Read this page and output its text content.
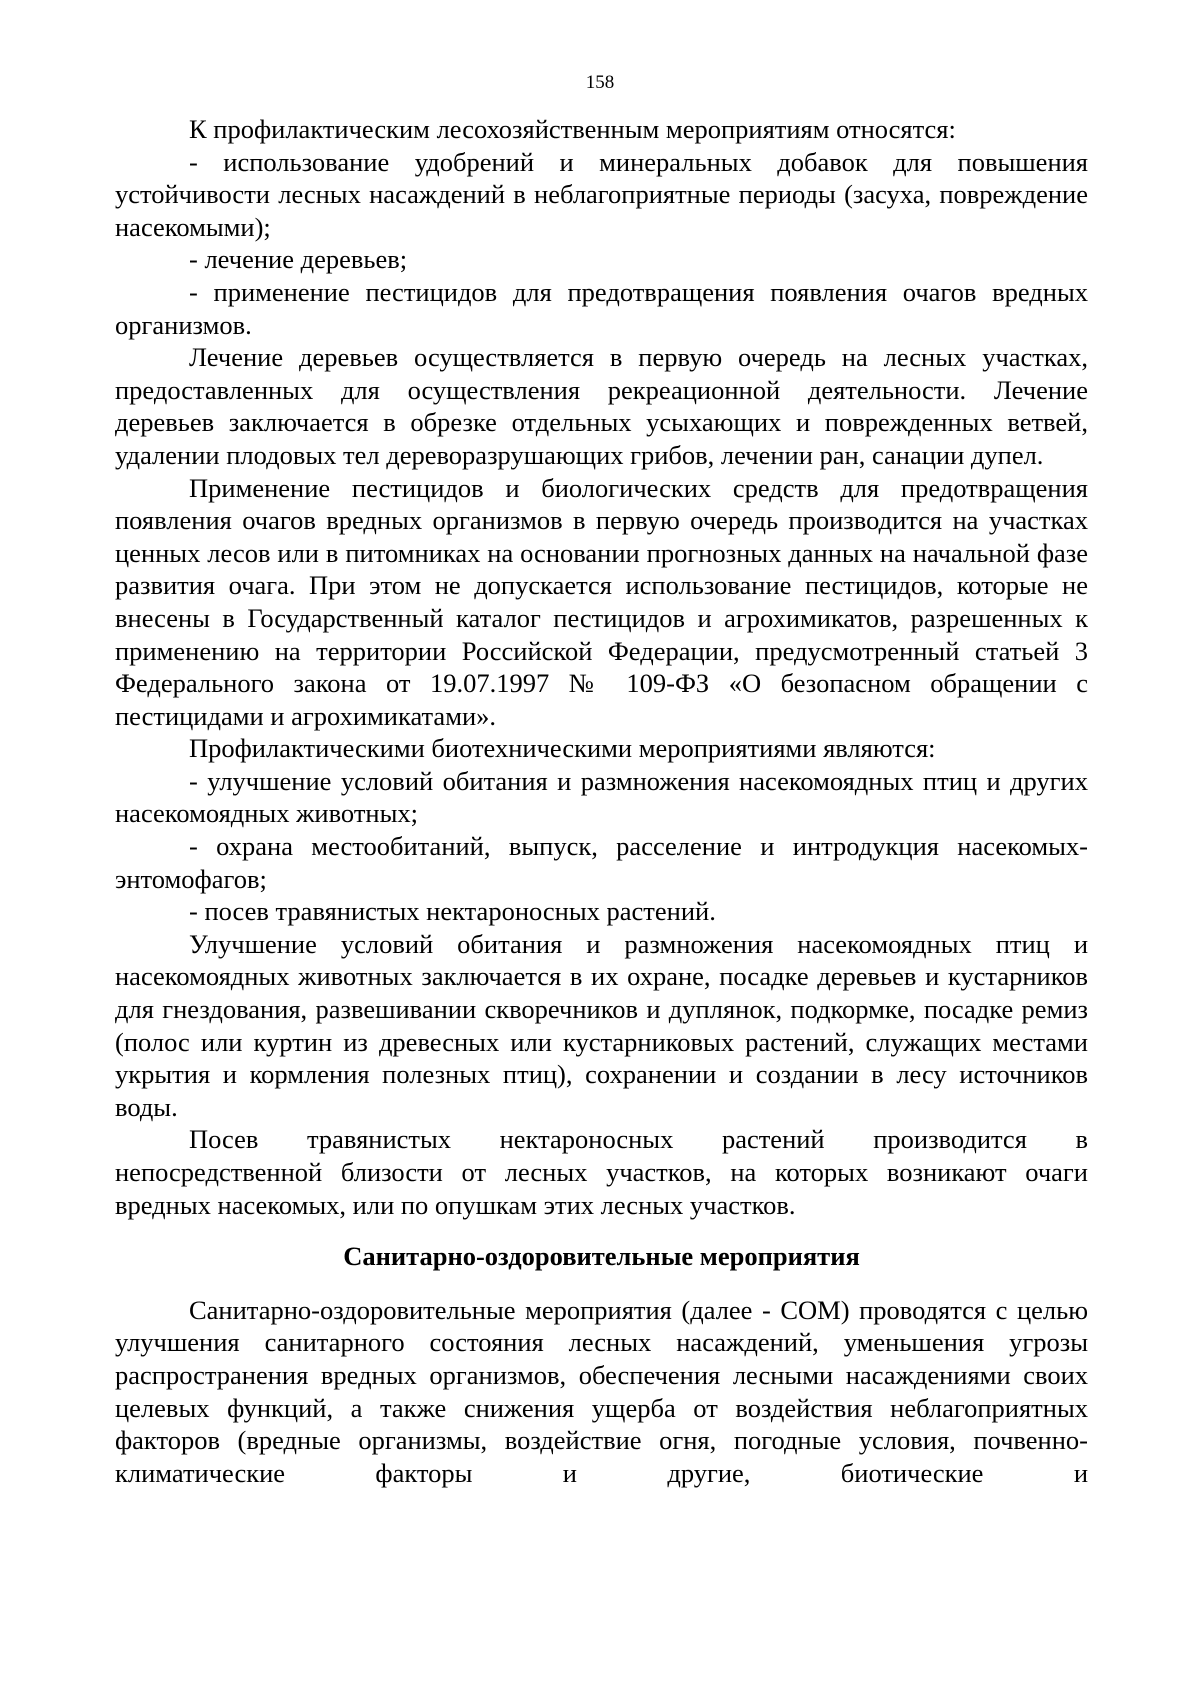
158

К профилактическим лесохозяйственным мероприятиям относятся:

- использование удобрений и минеральных добавок для повышения устойчивости лесных насаждений в неблагоприятные периоды (засуха, повреждение насекомыми);

- лечение деревьев;

- применение пестицидов для предотвращения появления очагов вредных организмов.

Лечение деревьев осуществляется в первую очередь на лесных участках, предоставленных для осуществления рекреационной деятельности. Лечение деревьев заключается в обрезке отдельных усыхающих и поврежденных ветвей, удалении плодовых тел дереворазрушающих грибов, лечении ран, санации дупел.

Применение пестицидов и биологических средств для предотвращения появления очагов вредных организмов в первую очередь производится на участках ценных лесов или в питомниках на основании прогнозных данных на начальной фазе развития очага. При этом не допускается использование пестицидов, которые не внесены в Государственный каталог пестицидов и агрохимикатов, разрешенных к применению на территории Российской Федерации, предусмотренный статьей 3 Федерального закона от 19.07.1997 № 109-ФЗ «О безопасном обращении с пестицидами и агрохимикатами».

Профилактическими биотехническими мероприятиями являются:

- улучшение условий обитания и размножения насекомоядных птиц и других насекомоядных животных;

- охрана местообитаний, выпуск, расселение и интродукция насекомых-энтомофагов;

- посев травянистых нектароносных растений.

Улучшение условий обитания и размножения насекомоядных птиц и насекомоядных животных заключается в их охране, посадке деревьев и кустарников для гнездования, развешивании скворечников и дуплянок, подкормке, посадке ремиз (полос или куртин из древесных или кустарниковых растений, служащих местами укрытия и кормления полезных птиц), сохранении и создании в лесу источников воды.

Посев травянистых нектароносных растений производится в непосредственной близости от лесных участков, на которых возникают очаги вредных насекомых, или по опушкам этих лесных участков.

Санитарно-оздоровительные мероприятия

Санитарно-оздоровительные мероприятия (далее - СОМ) проводятся с целью улучшения санитарного состояния лесных насаждений, уменьшения угрозы распространения вредных организмов, обеспечения лесными насаждениями своих целевых функций, а также снижения ущерба от воздействия неблагоприятных факторов (вредные организмы, воздействие огня, погодные условия, почвенно-климатические факторы и другие, биотические и
